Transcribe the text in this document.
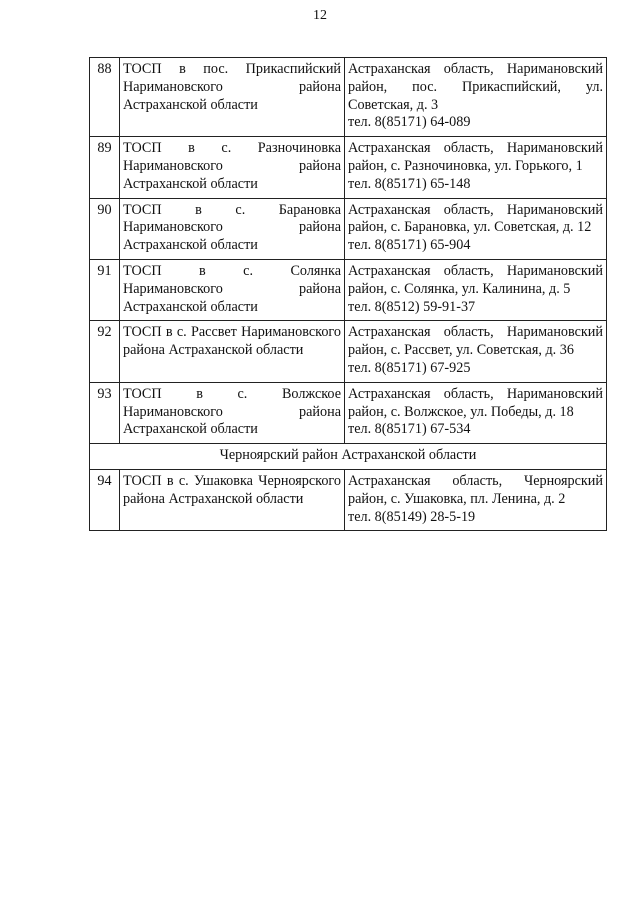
12
88	ТОСП в пос. Прикаспийский Наримановского района Астраханской области	Астраханская область, Наримановский район, пос. Прикаспийский, ул. Советская, д. 3
тел. 8(85171) 64-089

89	ТОСП в с. Разночиновка Наримановского района Астраханской области	Астраханская область, Наримановский район, с. Разночиновка, ул. Горького, 1
тел. 8(85171) 65-148

90	ТОСП в с. Барановка Наримановского района Астраханской области	Астраханская область, Наримановский район, с. Барановка, ул. Советская, д. 12
тел. 8(85171) 65-904

91	ТОСП в с. Солянка Наримановского района Астраханской области	Астраханская область, Наримановский район, с. Солянка, ул. Калинина, д. 5
тел. 8(8512) 59-91-37

92	ТОСП в с. Рассвет Наримановского района Астраханской области	Астраханская область, Наримановский район, с. Рассвет, ул. Советская, д. 36
тел. 8(85171) 67-925

93	ТОСП в с. Волжское Наримановского района Астраханской области	Астраханская область, Наримановский район, с. Волжское, ул. Победы, д. 18
тел. 8(85171) 67-534

Черноярский район Астраханской области		
94	ТОСП в с. Ушаковка Черноярского района Астраханской области	Астраханская область, Черноярский район, с. Ушаковка, пл. Ленина, д. 2
тел. 8(85149) 28-5-19
